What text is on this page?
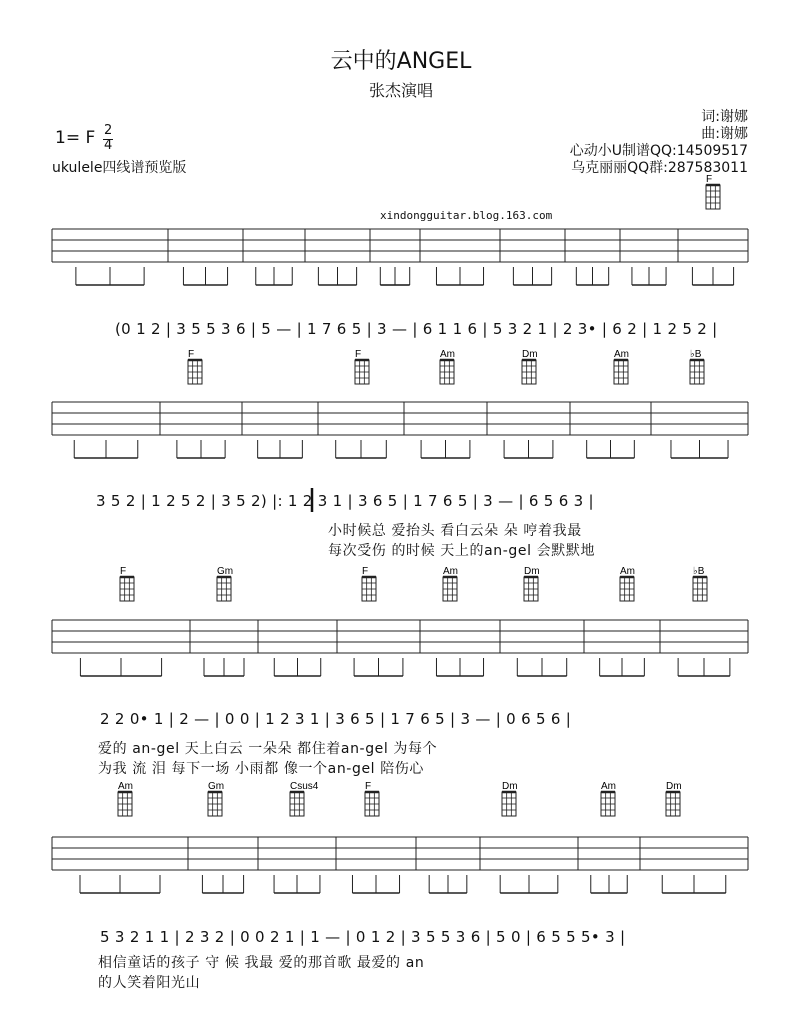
云中的ANGEL
张杰演唱
词:谢娜
曲:谢娜
心动小U制谱QQ:14509517
乌克丽丽QQ群:287583011
1= F 2
4
ukulele四线谱预览版
xindongguitar.blog.163.com
F
F	F	Am	Dm	Am	♭B
F	Gm	F	Am	Dm	Am	♭B
Am	Gm	Csus4	F	Dm	Am	Dm
(0 1 2 | 3 5 5 3 6 | 5 — | 1 7 6 5 | 3 — | 6 1 1 6 | 5 3 2 1 | 2 3• | 6 2 | 1 2 5 2 |
3 5 2 | 1 2 5 2 | 3 5 2) |: 1 2 3 1 | 3 6 5 | 1 7 6 5 | 3 — | 6 5 6 3 |
小时候总 爱抬头 看白云朵 朵 哼着我最
每次受伤 的时候 天上的an-gel 会默默地
2 2 0• 1 | 2 — | 0 0 | 1 2 3 1 | 3 6 5 | 1 7 6 5 | 3 — | 0 6 5 6 |
爱的 an-gel 天上白云 一朵朵 都住着an-gel 为每个
为我 流 泪 每下一场 小雨都 像一个an-gel 陪伤心
5 3 2 1 1 | 2 3 2 | 0 0 2 1 | 1 — | 0 1 2 | 3 5 5 3 6 | 5 0 | 6 5 5 5• 3 |
相信童话的孩子 守 候 我最 爱的那首歌 最爱的 an
的人笑着阳光山
